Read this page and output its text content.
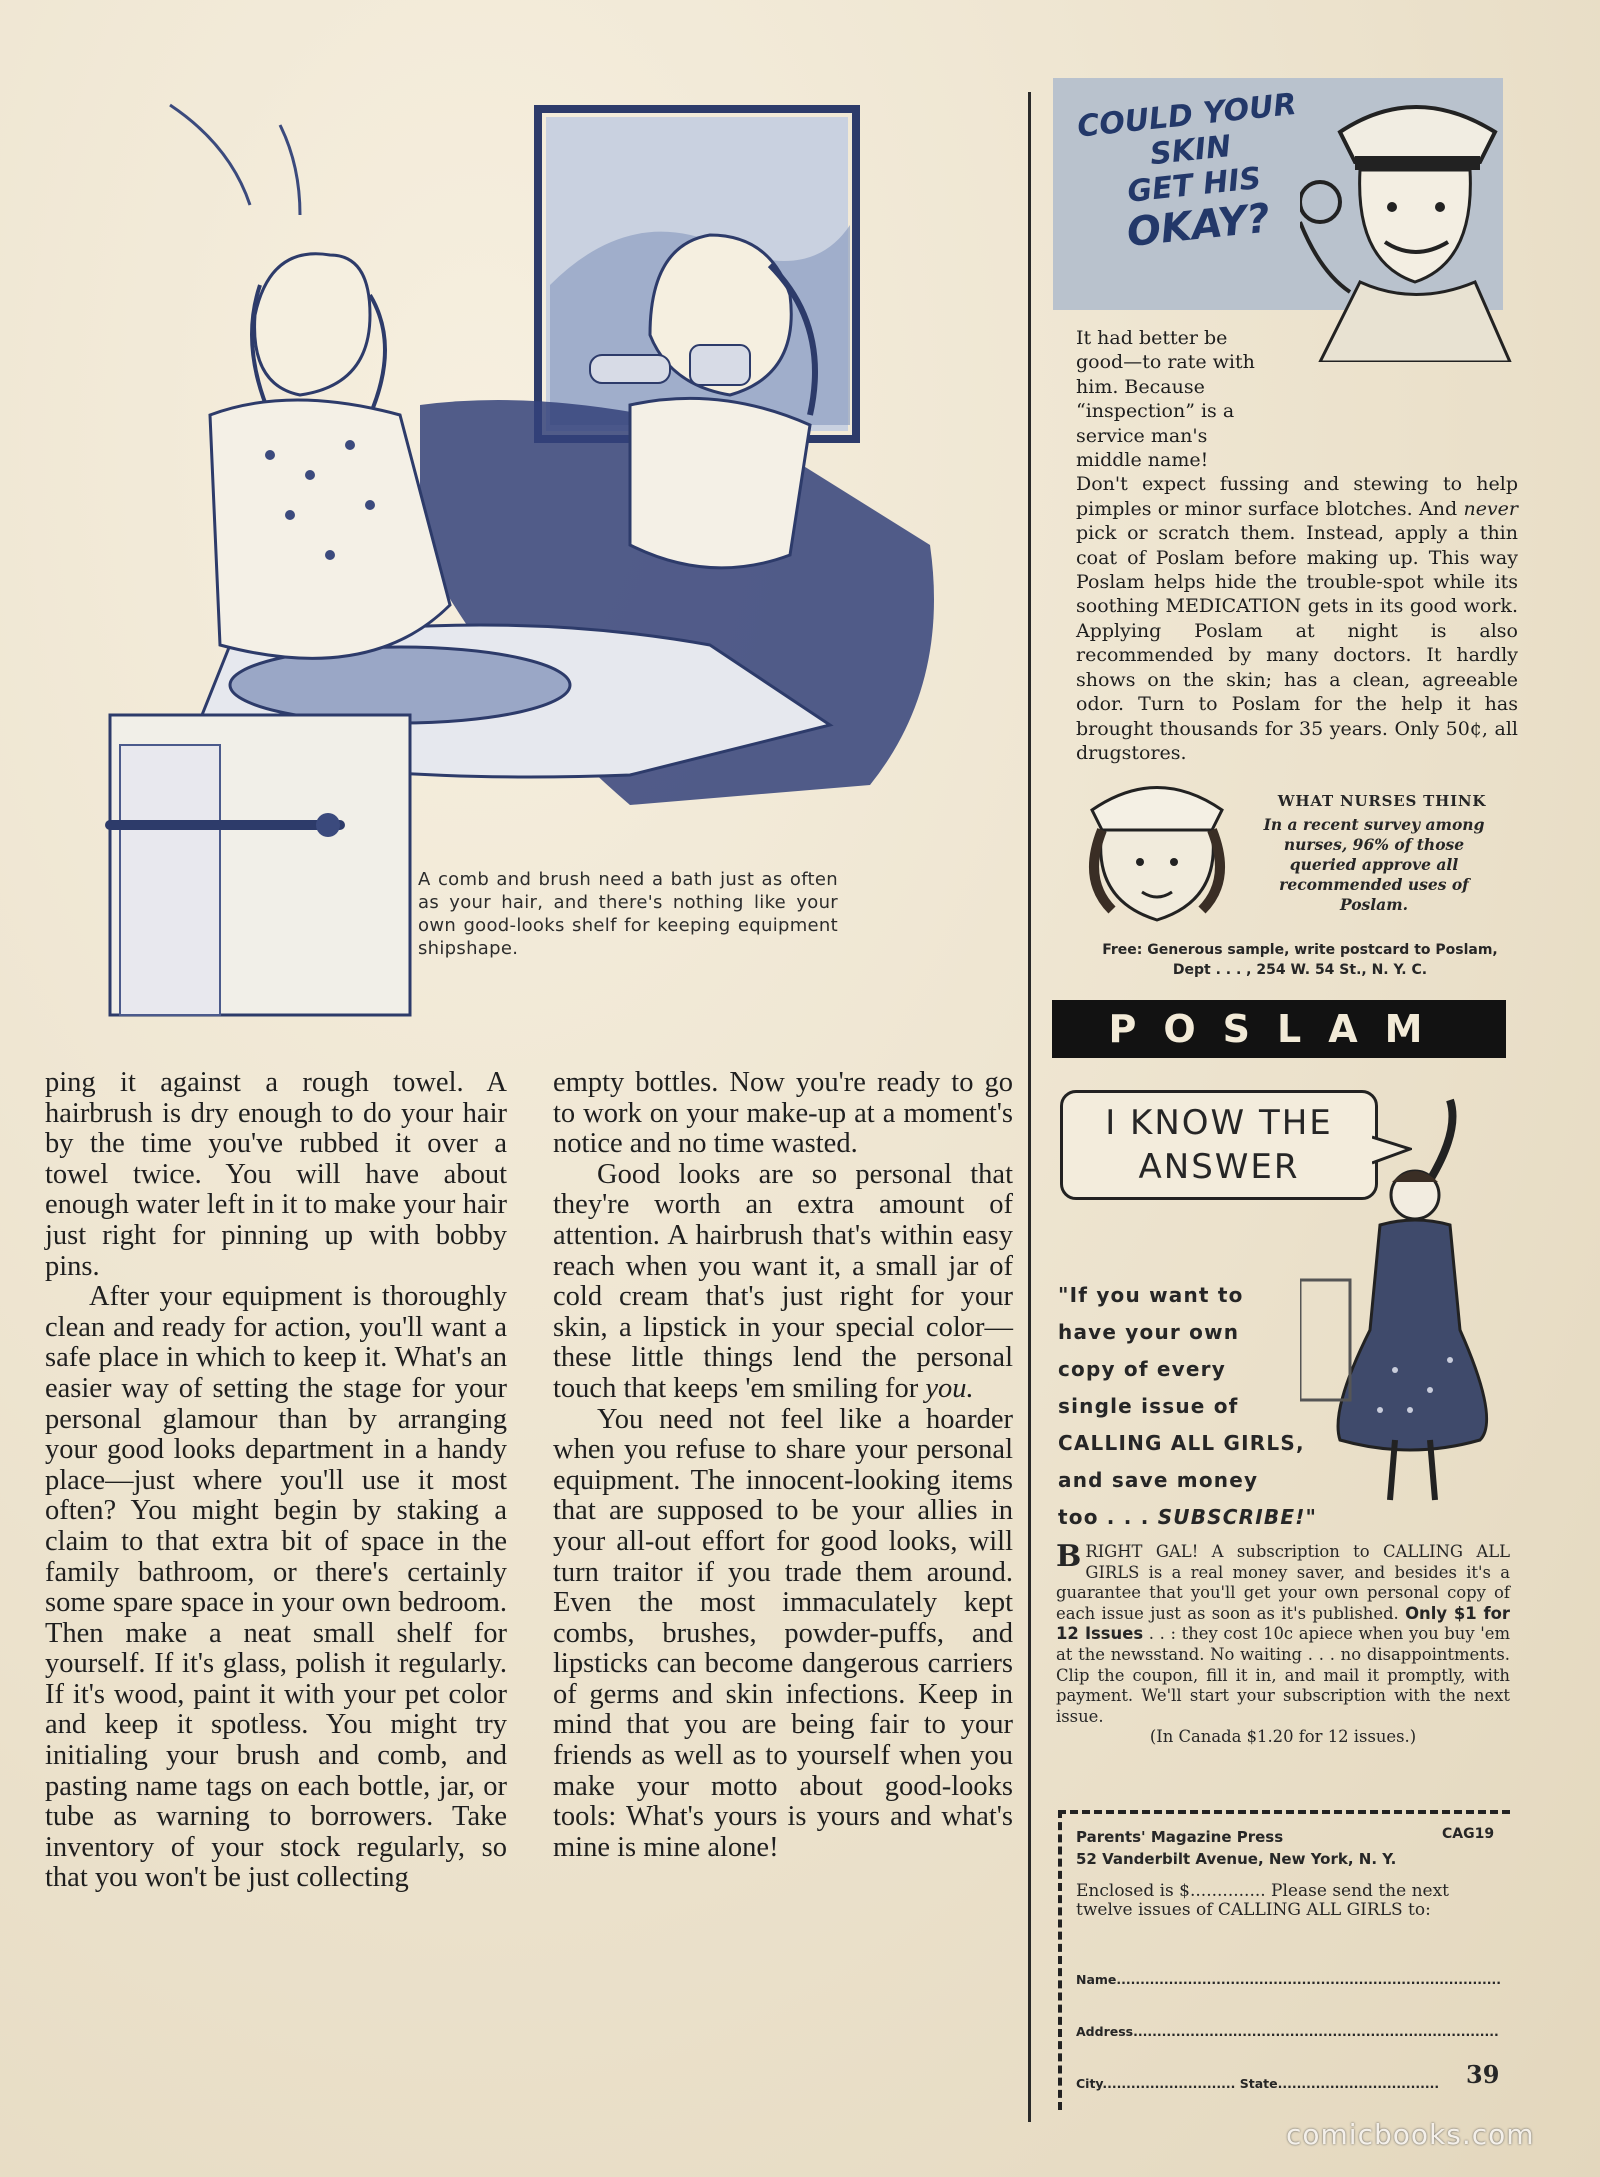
A comb and brush need a bath just as often as your hair, and there's nothing like your own good-looks shelf for keeping equipment shipshape.

ping it against a rough towel. A hairbrush is dry enough to do your hair by the time you've rubbed it over a towel twice. You will have about enough water left in it to make your hair just right for pinning up with bobby pins.

After your equipment is thoroughly clean and ready for action, you'll want a safe place in which to keep it. What's an easier way of setting the stage for your personal glamour than by arranging your good looks department in a handy place—just where you'll use it most often? You might begin by staking a claim to that extra bit of space in the family bathroom, or there's certainly some spare space in your own bedroom. Then make a neat small shelf for yourself. If it's glass, polish it regularly. If it's wood, paint it with your pet color and keep it spotless. You might try initialing your brush and comb, and pasting name tags on each bottle, jar, or tube as warning to borrowers. Take inventory of your stock regularly, so that you won't be just collecting

empty bottles. Now you're ready to go to work on your make-up at a moment's notice and no time wasted.

Good looks are so personal that they're worth an extra amount of attention. A hairbrush that's within easy reach when you want it, a small jar of cold cream that's just right for your skin, a lipstick in your special color—these little things lend the personal touch that keeps 'em smiling for you.

You need not feel like a hoarder when you refuse to share your personal equipment. The innocent-looking items that are supposed to be your allies in your all-out effort for good looks, will turn traitor if you trade them around. Even the most immaculately kept combs, brushes, powder-puffs, and lipsticks can become dangerous carriers of germs and skin infections. Keep in mind that you are being fair to your friends as well as to yourself when you make your motto about good-looks tools: What's yours is yours and what's mine is mine alone!

COULD YOUR SKIN
GET HIS
OKAY?
It had better be good—to rate with him. Because “inspection” is a service man's middle name!
Don't expect fussing and stewing to help pimples or minor surface blotches. And never pick or scratch them. Instead, apply a thin coat of Poslam before making up. This way Poslam helps hide the trouble-spot while its soothing MEDICATION gets in its good work. Applying Poslam at night is also recommended by many doctors. It hardly shows on the skin; has a clean, agreeable odor. Turn to Poslam for the help it has brought thousands for 35 years. Only 50¢, all drugstores.
WHAT NURSES THINK
In a recent survey among nurses, 96% of those queried approve all recommended uses of Poslam.
Free: Generous sample, write postcard to Poslam, Dept . . . , 254 W. 54 St., N. Y. C.
POSLAM
I KNOW THE
ANSWER
"If you want to
have your own
copy of every
single issue of
CALLING ALL GIRLS,
and save money
too . . . SUBSCRIBE!"
BRIGHT GAL! A subscription to CALLING ALL GIRLS is a real money saver, and besides it's a guarantee that you'll get your own personal copy of each issue just as soon as it's published. Only $1 for 12 Issues . . : they cost 10c apiece when you buy 'em at the newsstand. No waiting . . . no disappointments. Clip the coupon, fill it in, and mail it promptly, with payment. We'll start your subscription with the next issue.
(In Canada $1.20 for 12 issues.)
Parents' Magazine Press
52 Vanderbilt Avenue, New York, N. Y.
CAG19
Enclosed is $.............. Please send the next twelve issues of CALLING ALL GIRLS to:
Name.................................................................................
Address.............................................................................
City............................ State..................................	39
comicbooks.com
